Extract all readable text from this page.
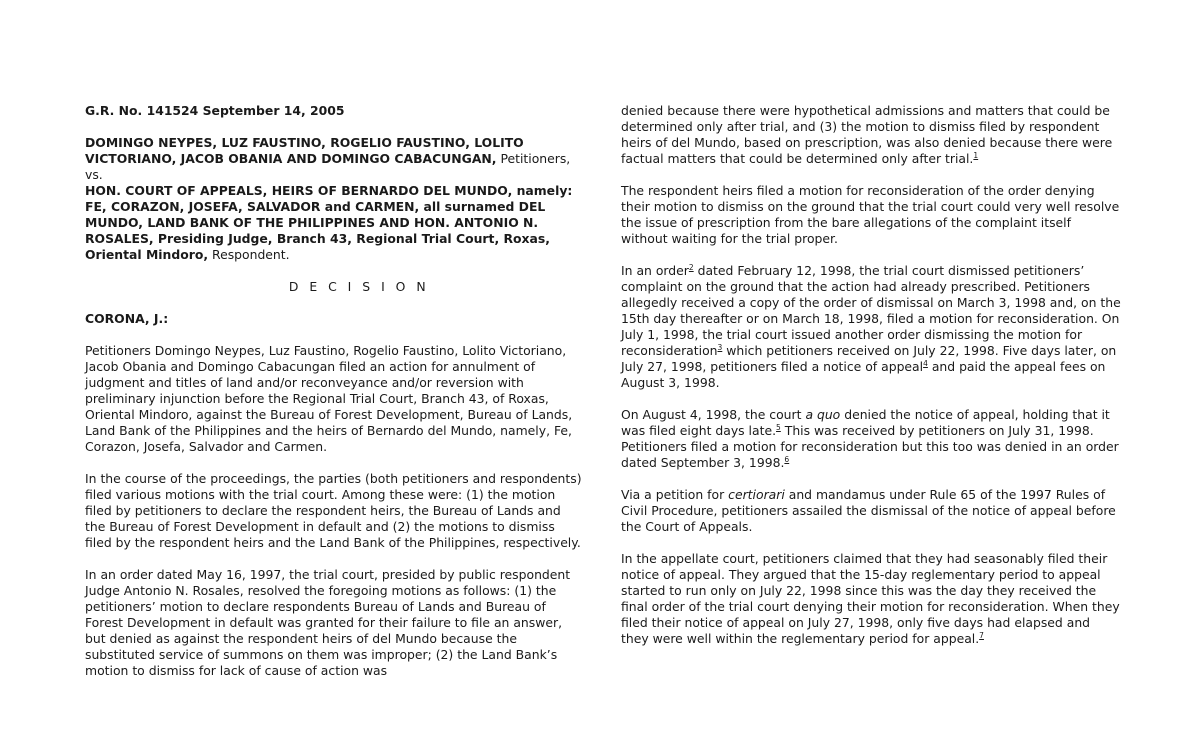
G.R. No. 141524 September 14, 2005

DOMINGO NEYPES, LUZ FAUSTINO, ROGELIO FAUSTINO, LOLITO VICTORIANO, JACOB OBANIA AND DOMINGO CABACUNGAN, Petitioners,

vs.

HON. COURT OF APPEALS, HEIRS OF BERNARDO DEL MUNDO, namely: FE, CORAZON, JOSEFA, SALVADOR and CARMEN, all surnamed DEL MUNDO, LAND BANK OF THE PHILIPPINES AND HON. ANTONIO N. ROSALES, Presiding Judge, Branch 43, Regional Trial Court, Roxas, Oriental Mindoro, Respondent.

D E C I S I O N

CORONA, J.:

Petitioners Domingo Neypes, Luz Faustino, Rogelio Faustino, Lolito Victoriano, Jacob Obania and Domingo Cabacungan filed an action for annulment of judgment and titles of land and/or reconveyance and/or reversion with preliminary injunction before the Regional Trial Court, Branch 43, of Roxas, Oriental Mindoro, against the Bureau of Forest Development, Bureau of Lands, Land Bank of the Philippines and the heirs of Bernardo del Mundo, namely, Fe, Corazon, Josefa, Salvador and Carmen.

In the course of the proceedings, the parties (both petitioners and respondents) filed various motions with the trial court. Among these were: (1) the motion filed by petitioners to declare the respondent heirs, the Bureau of Lands and the Bureau of Forest Development in default and (2) the motions to dismiss filed by the respondent heirs and the Land Bank of the Philippines, respectively.

In an order dated May 16, 1997, the trial court, presided by public respondent Judge Antonio N. Rosales, resolved the foregoing motions as follows: (1) the petitioners’ motion to declare respondents Bureau of Lands and Bureau of Forest Development in default was granted for their failure to file an answer, but denied as against the respondent heirs of del Mundo because the substituted service of summons on them was improper; (2) the Land Bank’s motion to dismiss for lack of cause of action was

denied because there were hypothetical admissions and matters that could be determined only after trial, and (3) the motion to dismiss filed by respondent heirs of del Mundo, based on prescription, was also denied because there were factual matters that could be determined only after trial.$^1$

The respondent heirs filed a motion for reconsideration of the order denying their motion to dismiss on the ground that the trial court could very well resolve the issue of prescription from the bare allegations of the complaint itself without waiting for the trial proper.

In an order$^2$ dated February 12, 1998, the trial court dismissed petitioners’ complaint on the ground that the action had already prescribed. Petitioners allegedly received a copy of the order of dismissal on March 3, 1998 and, on the 15th day thereafter or on March 18, 1998, filed a motion for reconsideration. On July 1, 1998, the trial court issued another order dismissing the motion for reconsideration$^3$ which petitioners received on July 22, 1998. Five days later, on July 27, 1998, petitioners filed a notice of appeal$^4$ and paid the appeal fees on August 3, 1998.

On August 4, 1998, the court a quo denied the notice of appeal, holding that it was filed eight days late.$^5$ This was received by petitioners on July 31, 1998. Petitioners filed a motion for reconsideration but this too was denied in an order dated September 3, 1998.$^6$

Via a petition for certiorari and mandamus under Rule 65 of the 1997 Rules of Civil Procedure, petitioners assailed the dismissal of the notice of appeal before the Court of Appeals.

In the appellate court, petitioners claimed that they had seasonably filed their notice of appeal. They argued that the 15-day reglementary period to appeal started to run only on July 22, 1998 since this was the day they received the final order of the trial court denying their motion for reconsideration. When they filed their notice of appeal on July 27, 1998, only five days had elapsed and they were well within the reglementary period for appeal.$^7$
